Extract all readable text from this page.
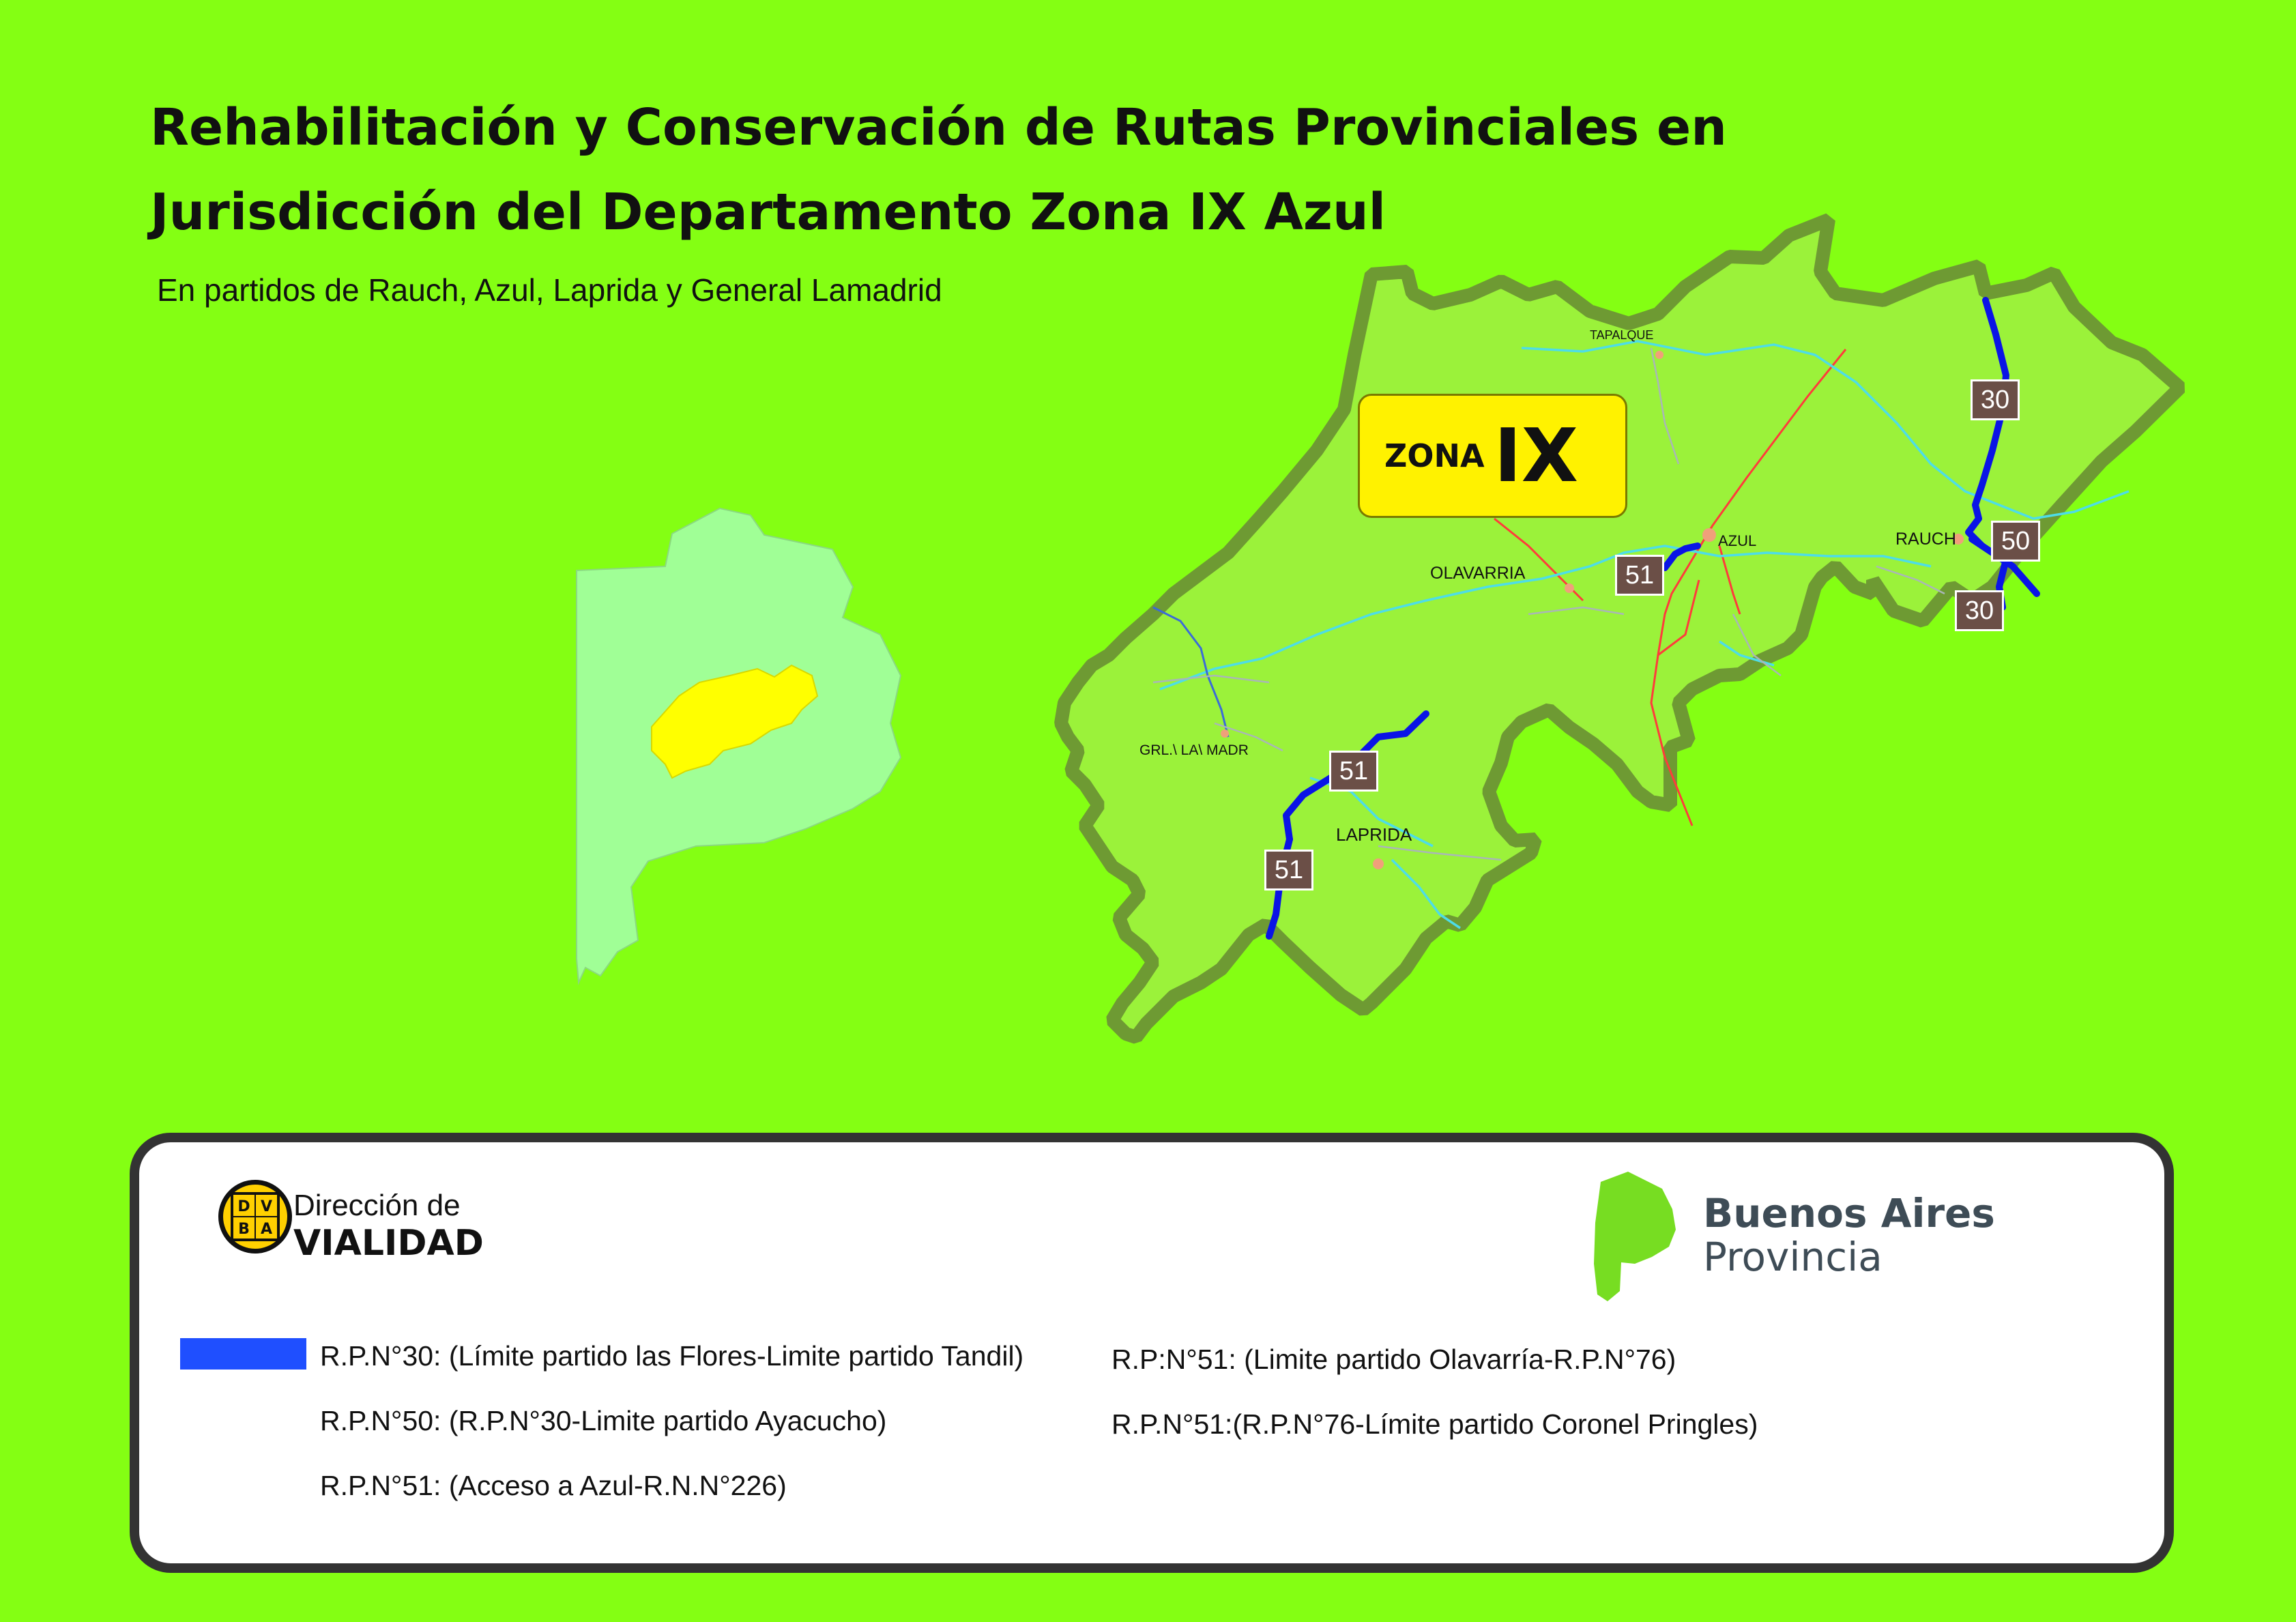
Rehabilitación y Conservación de Rutas Provinciales en
Jurisdicción del Departamento Zona IX Azul
En partidos de Rauch, Azul, Laprida y General Lamadrid
TAPALQUE
OLAVARRIA
AZUL	RAUCH
GRL.\ LA\ MADR
LAPRIDA
ZONA IX
30
50
30
51
51
51
D V
B A
Dirección de
VIALIDAD
Buenos Aires
Provincia
R.P.N°30: (Límite partido las Flores-Limite partido Tandil)
R.P.N°50: (R.P.N°30-Limite partido Ayacucho)
R.P.N°51: (Acceso a Azul-R.N.N°226)
R.P:N°51: (Limite partido Olavarría-R.P.N°76)
R.P.N°51:(R.P.N°76-Límite partido Coronel Pringles)
